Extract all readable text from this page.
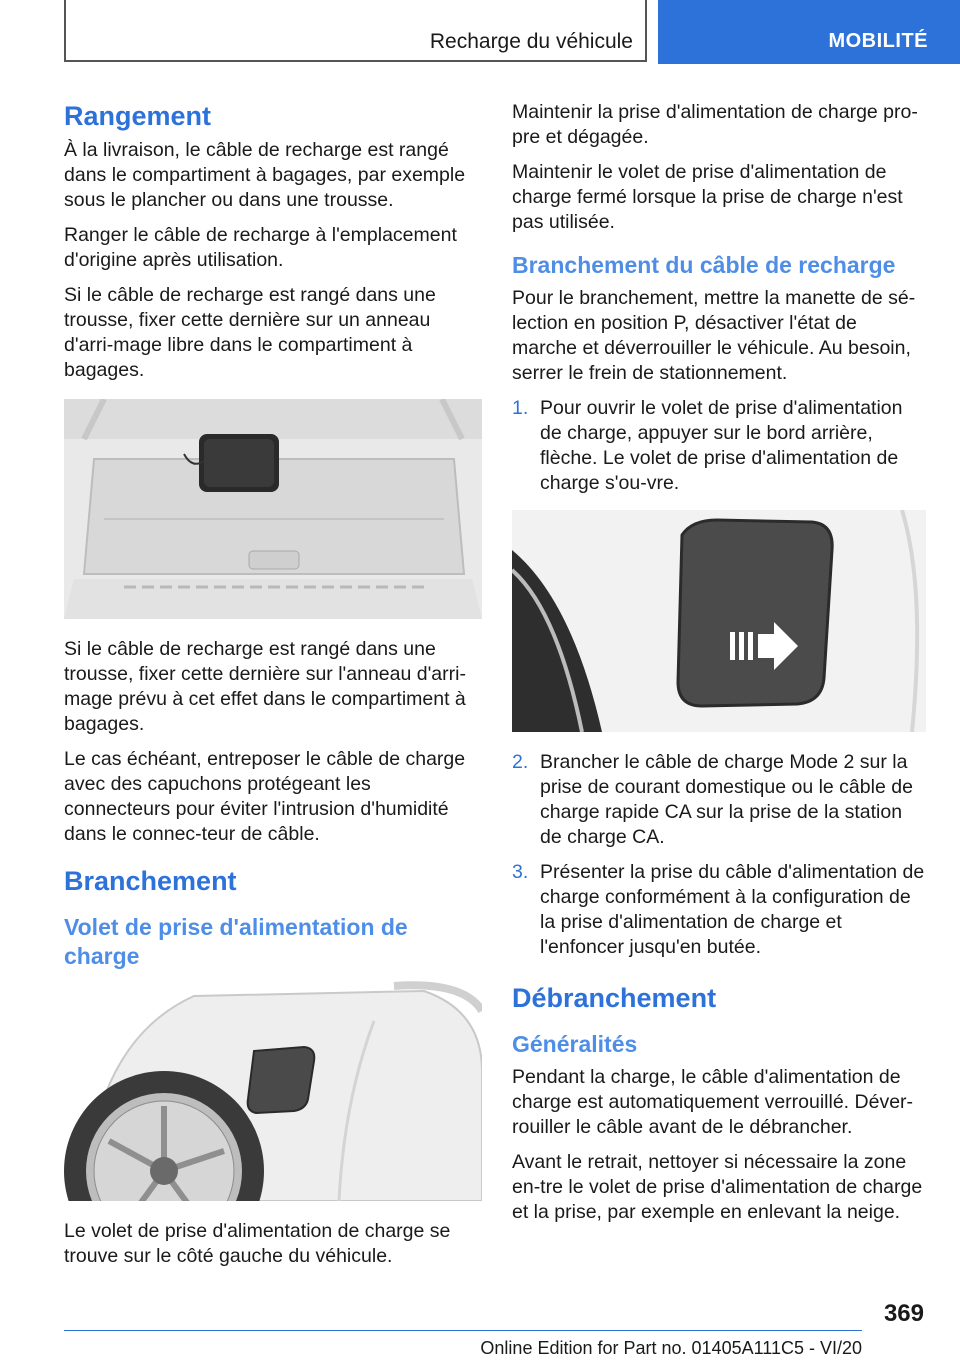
Recharge du véhicule	MOBILITÉ
Rangement

À la livraison, le câble de recharge est rangé dans le compartiment à bagages, par exemple sous le plancher ou dans une trousse.

Ranger le câble de recharge à l'emplacement d'origine après utilisation.

Si le câble de recharge est rangé dans une trousse, fixer cette dernière sur un anneau d'arri-mage libre dans le compartiment à bagages.

Si le câble de recharge est rangé dans une trousse, fixer cette dernière sur l'anneau d'arri-mage prévu à cet effet dans le compartiment à bagages.

Le cas échéant, entreposer le câble de charge avec des capuchons protégeant les connecteurs pour éviter l'intrusion d'humidité dans le connec-teur de câble.

Branchement
Volet de prise d'alimentation de charge

Le volet de prise d'alimentation de charge se trouve sur le côté gauche du véhicule.

Maintenir la prise d'alimentation de charge pro-pre et dégagée.

Maintenir le volet de prise d'alimentation de charge fermé lorsque la prise de charge n'est pas utilisée.

Branchement du câble de recharge

Pour le branchement, mettre la manette de sé-lection en position P, désactiver l'état de marche et déverrouiller le véhicule. Au besoin, serrer le frein de stationnement.

1. Pour ouvrir le volet de prise d'alimentation de charge, appuyer sur le bord arrière, flèche. Le volet de prise d'alimentation de charge s'ou-vre.
2. Brancher le câble de charge Mode 2 sur la prise de courant domestique ou le câble de charge rapide CA sur la prise de la station de charge CA.
3. Présenter la prise du câble d'alimentation de charge conformément à la configuration de la prise d'alimentation de charge et l'enfoncer jusqu'en butée.
Débranchement
Généralités

Pendant la charge, le câble d'alimentation de charge est automatiquement verrouillé. Déver-rouiller le câble avant de le débrancher.

Avant le retrait, nettoyer si nécessaire la zone en-tre le volet de prise d'alimentation de charge et la prise, par exemple en enlevant la neige.

369
Online Edition for Part no. 01405A111C5 - VI/20
